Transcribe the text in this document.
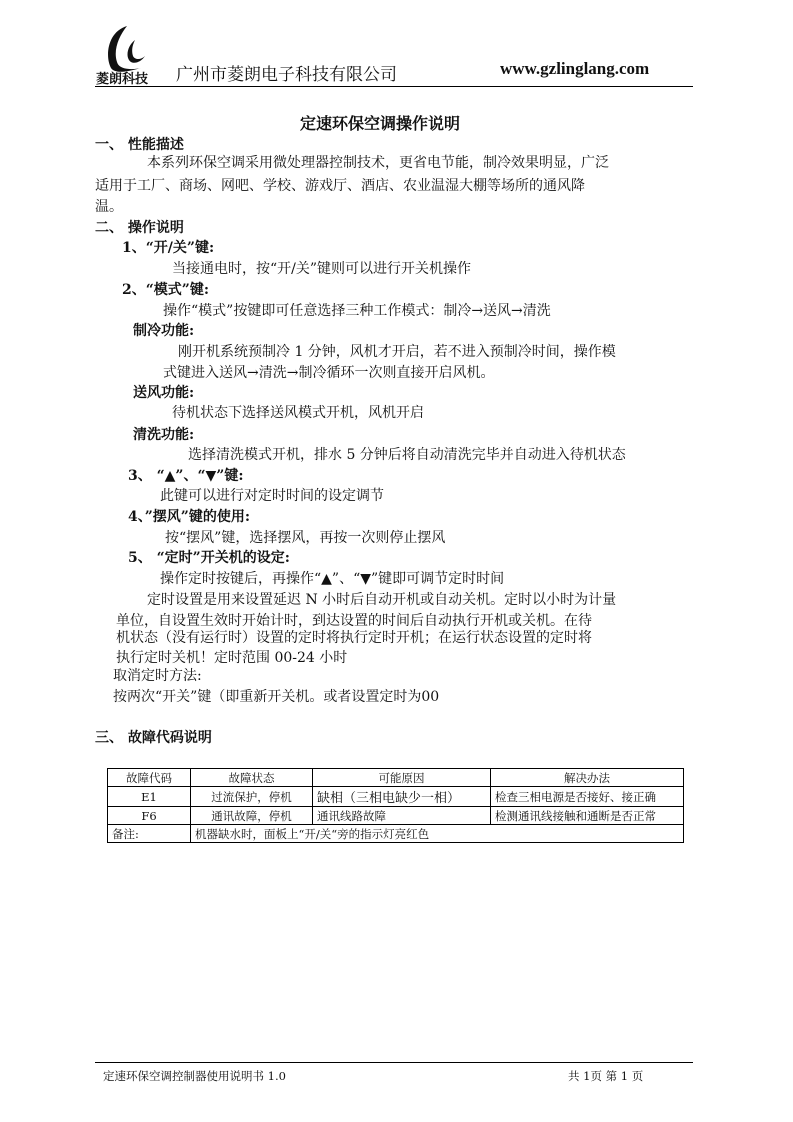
菱朗科技 广州市菱朗电子科技有限公司	www.gzlinglang.com
定速环保空调操作说明
一、 性能描述
本系列环保空调采用微处理器控制技术，更省电节能，制冷效果明显，广泛
适用于工厂、商场、网吧、学校、游戏厅、酒店、农业温湿大棚等场所的通风降
温。
二、 操作说明
1、“开/关”键:
当接通电时，按“开/关”键则可以进行开关机操作
2、“模式”键:
操作“模式”按键即可任意选择三种工作模式：制冷→送风→清洗
制冷功能:
刚开机系统预制冷 1 分钟，风机才开启，若不进入预制冷时间，操作模
式键进入送风→清洗→制冷循环一次则直接开启风机。
送风功能:
待机状态下选择送风模式开机，风机开启
清洗功能:
选择清洗模式开机，排水 5 分钟后将自动清洗完毕并自动进入待机状态
3、 “▲”、“▼”键:
此键可以进行对定时时间的设定调节
4、”摆风”键的使用:
按“摆风”键，选择摆风，再按一次则停止摆风
5、 “定时”开关机的设定:
操作定时按键后，再操作“▲”、“▼”键即可调节定时时间
定时设置是用来设置延迟 N 小时后自动开机或自动关机。定时以小时为计量
单位，自设置生效时开始计时，到达设置的时间后自动执行开机或关机。在待
机状态（没有运行时）设置的定时将执行定时开机；在运行状态设置的定时将
执行定时关机！定时范围 00-24 小时
取消定时方法:
按两次“开关”键（即重新开关机。或者设置定时为00
三、 故障代码说明
故障代码	故障状态	可能原因	解决办法
E1	过流保护，停机	缺相（三相电缺少一相）	检查三相电源是否接好、接正确
F6	通讯故障，停机	通讯线路故障	检测通讯线接触和通断是否正常
备注:	机器缺水时，面板上“开/关“旁的指示灯亮红色		
定速环保空调控制器使用说明书 1.0	共 1页 第 1 页
